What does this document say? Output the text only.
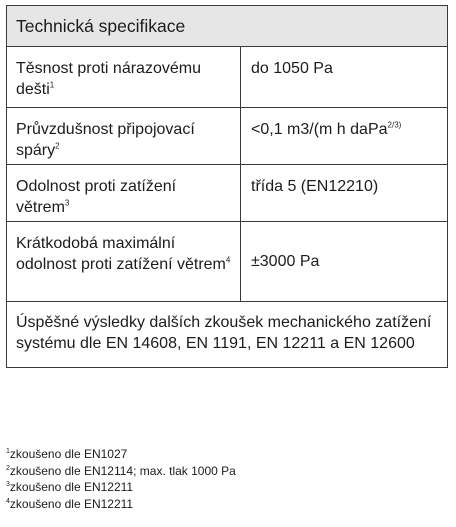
Technická specifikace
Těsnost proti nárazovému dešti$^1$
do 1050 Pa
Průvzdušnost připojovací spáry$^2$
<0,1 m3/(m h daPa$^{2/3)}$
Odolnost proti zatížení větrem$^3$
třída 5 (EN12210)
Krátkodobá maximální odolnost proti zatížení větrem$^4$	±3000 Pa
Úspěšné výsledky dalších zkoušek mechanického zatížení systému dle EN 14608, EN 1191, EN 12211 a EN 12600
$^1$zkoušeno dle EN1027
$^2$zkoušeno dle EN12114; max. tlak 1000 Pa
$^3$zkoušeno dle EN12211
$^4$zkoušeno dle EN12211
